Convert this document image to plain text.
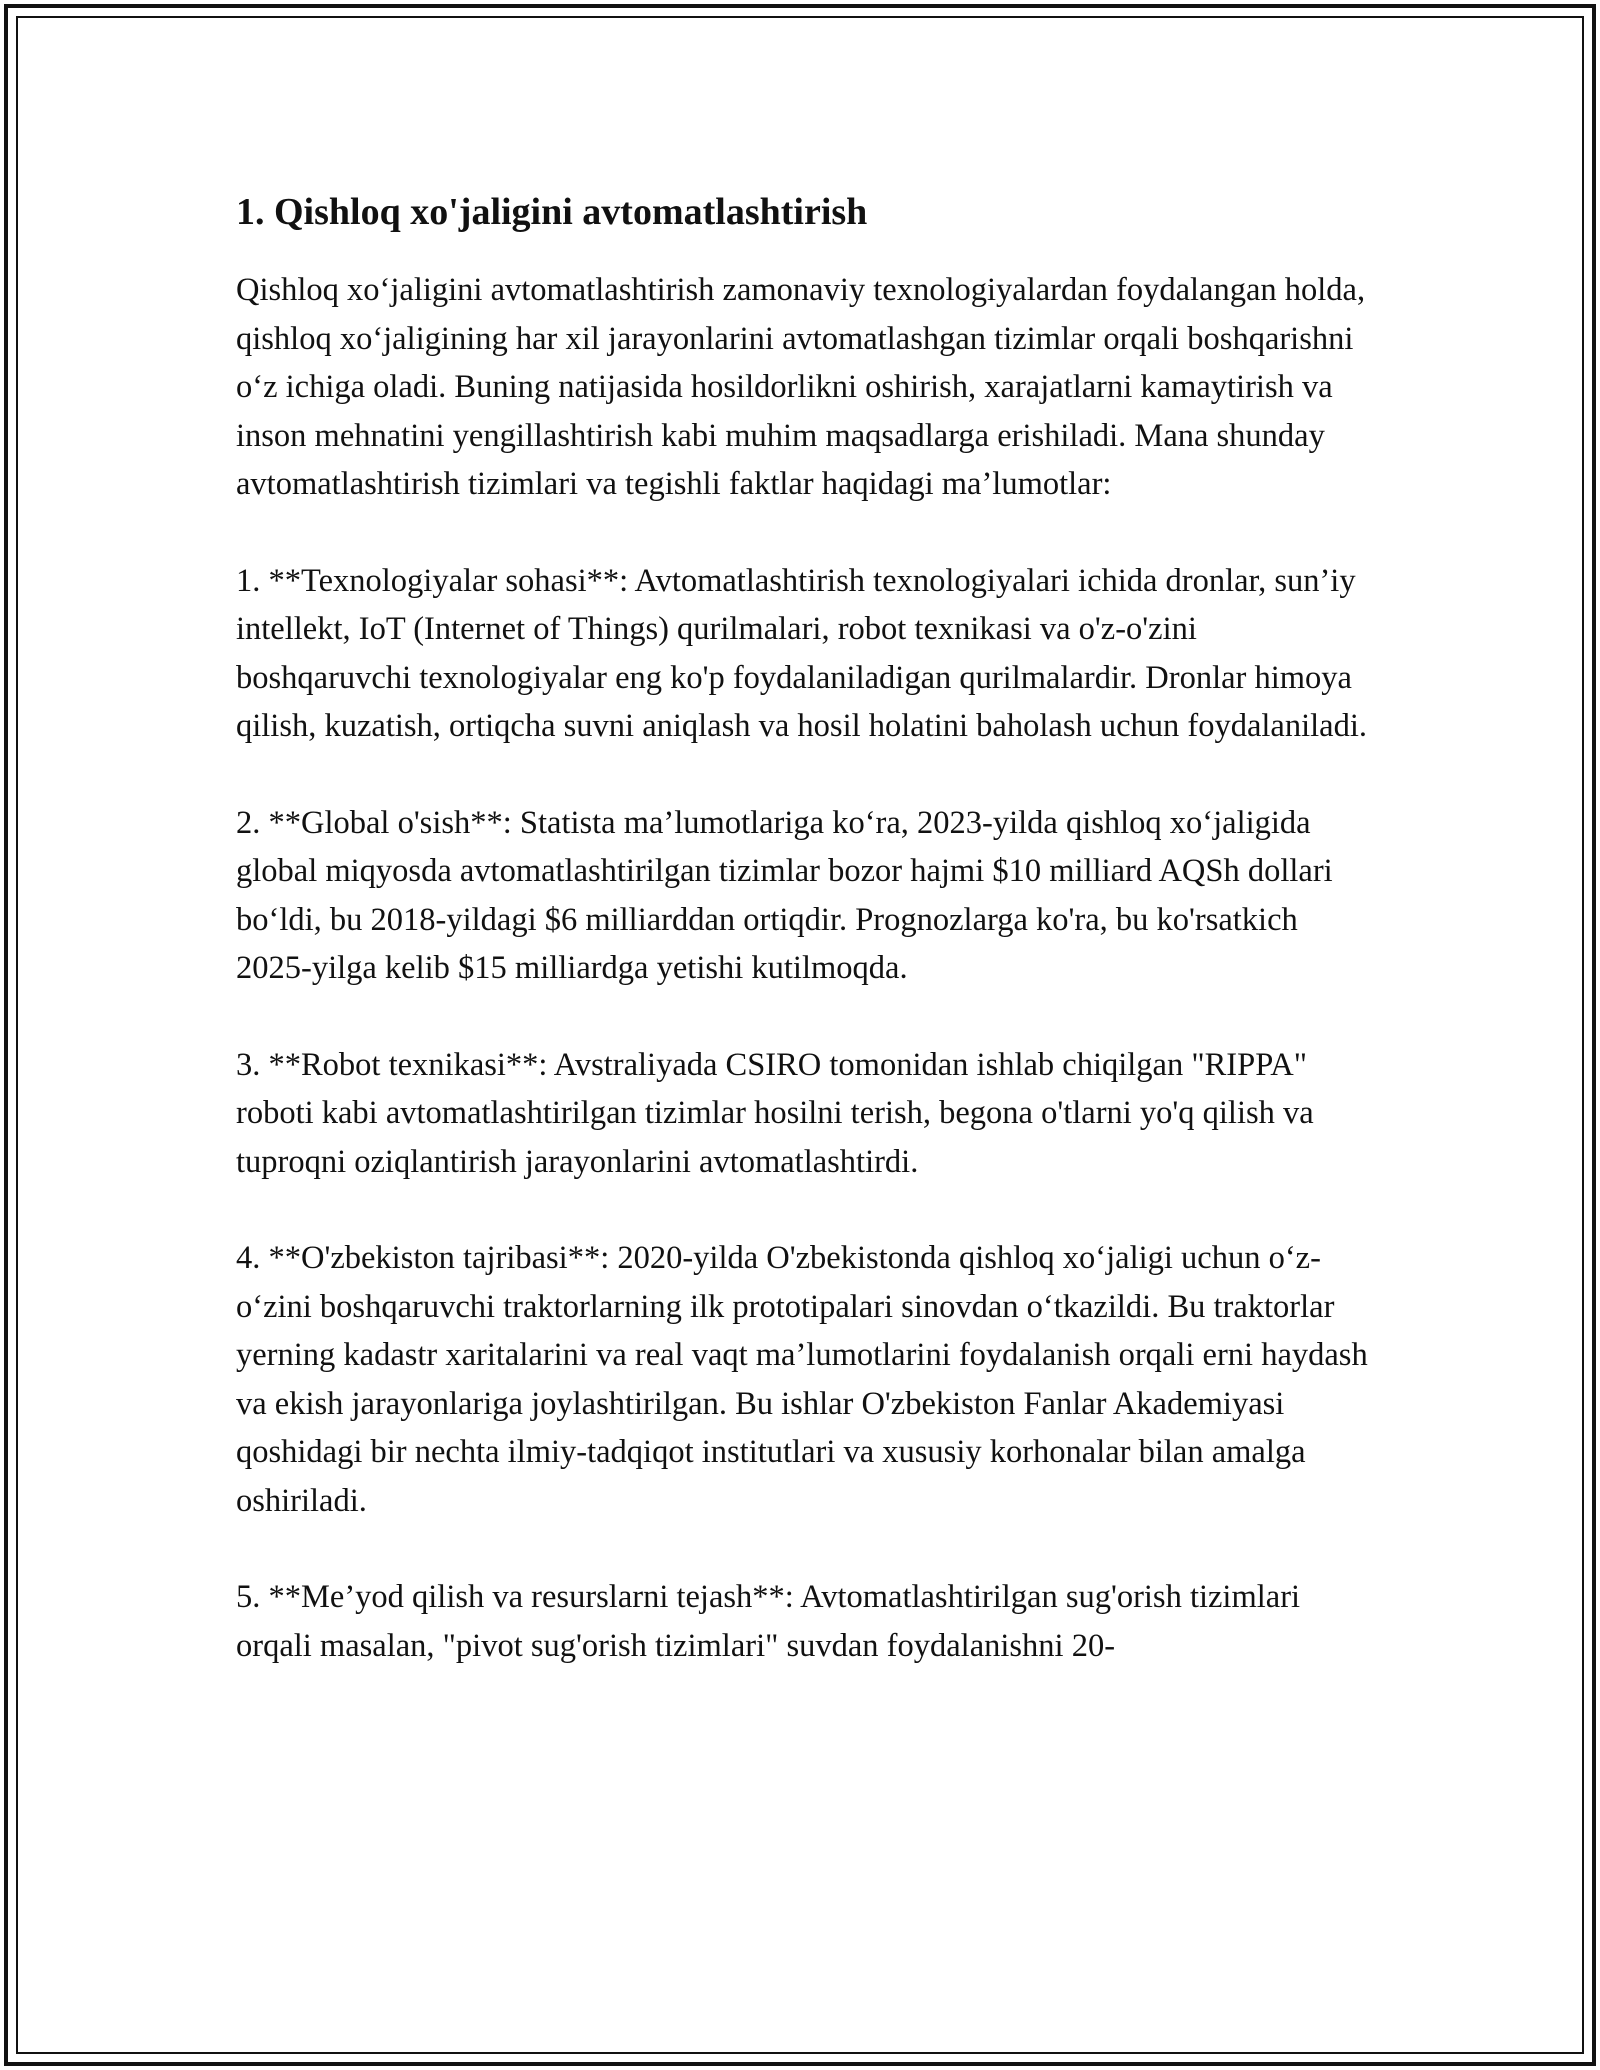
1. Qishloq xo'jaligini avtomatlashtirish

Qishloq xo‘jaligini avtomatlashtirish zamonaviy texnologiyalardan foydalangan holda, qishloq xo‘jaligining har xil jarayonlarini avtomatlashgan tizimlar orqali boshqarishni o‘z ichiga oladi. Buning natijasida hosildorlikni oshirish, xarajatlarni kamaytirish va inson mehnatini yengillashtirish kabi muhim maqsadlarga erishiladi. Mana shunday avtomatlashtirish tizimlari va tegishli faktlar haqidagi ma’lumotlar:

1. **Texnologiyalar sohasi**: Avtomatlashtirish texnologiyalari ichida dronlar, sun’iy intellekt, IoT (Internet of Things) qurilmalari, robot texnikasi va o'z-o'zini boshqaruvchi texnologiyalar eng ko'p foydalaniladigan qurilmalardir. Dronlar himoya qilish, kuzatish, ortiqcha suvni aniqlash va hosil holatini baholash uchun foydalaniladi.

2. **Global o'sish**: Statista ma’lumotlariga ko‘ra, 2023-yilda qishloq xo‘jaligida global miqyosda avtomatlashtirilgan tizimlar bozor hajmi $10 milliard AQSh dollari bo‘ldi, bu 2018-yildagi $6 milliarddan ortiqdir. Prognozlarga ko'ra, bu ko'rsatkich 2025-yilga kelib $15 milliardga yetishi kutilmoqda.

3. **Robot texnikasi**: Avstraliyada CSIRO tomonidan ishlab chiqilgan "RIPPA" roboti kabi avtomatlashtirilgan tizimlar hosilni terish, begona o'tlarni yo'q qilish va tuproqni oziqlantirish jarayonlarini avtomatlashtirdi.

4. **O'zbekiston tajribasi**: 2020-yilda O'zbekistonda qishloq xo‘jaligi uchun o‘z-o‘zini boshqaruvchi traktorlarning ilk prototipalari sinovdan o‘tkazildi. Bu traktorlar yerning kadastr xaritalarini va real vaqt ma’lumotlarini foydalanish orqali erni haydash va ekish jarayonlariga joylashtirilgan. Bu ishlar O'zbekiston Fanlar Akademiyasi qoshidagi bir nechta ilmiy-tadqiqot institutlari va xususiy korhonalar bilan amalga oshiriladi.

5. **Me’yod qilish va resurslarni tejash**: Avtomatlashtirilgan sug'orish tizimlari orqali masalan, "pivot sug'orish tizimlari" suvdan foydalanishni 20-
